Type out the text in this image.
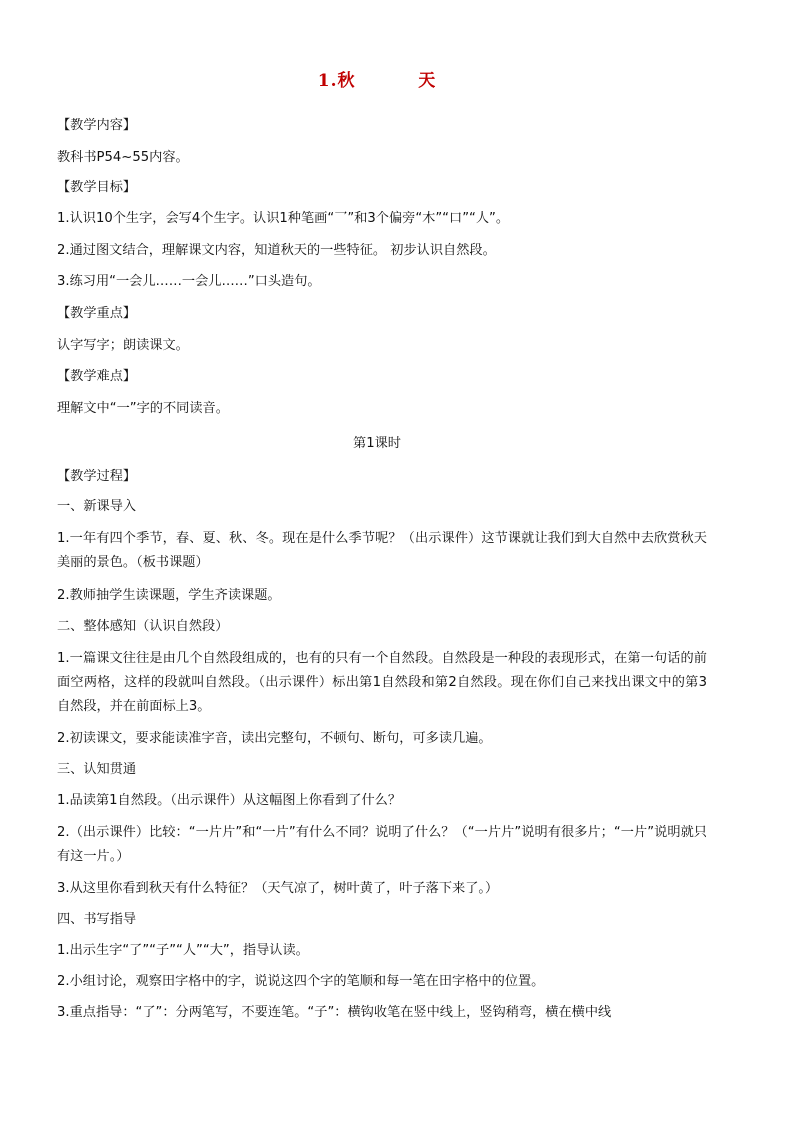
1.秋   天
【教学内容】
教科书P54~55内容。
【教学目标】
1.认识10个生字，会写4个生字。认识1种笔画“乛”和3个偏旁“木”“口”“人”。
2.通过图文结合，理解课文内容，知道秋天的一些特征。 初步认识自然段。
3.练习用“一会儿……一会儿……”口头造句。
【教学重点】
认字写字；朗读课文。
【教学难点】
理解文中“一”字的不同读音。
第1课时
【教学过程】
一、新课导入
1.一年有四个季节，春、夏、秋、冬。现在是什么季节呢？（出示课件）这节课就让我们到大自然中去欣赏秋天美丽的景色。（板书课题）
2.教师抽学生读课题，学生齐读课题。
二、整体感知（认识自然段）
1.一篇课文往往是由几个自然段组成的，也有的只有一个自然段。自然段是一种段的表现形式，在第一句话的前面空两格，这样的段就叫自然段。（出示课件）标出第1自然段和第2自然段。现在你们自己来找出课文中的第3自然段，并在前面标上3。
2.初读课文，要求能读准字音，读出完整句，不顿句、断句，可多读几遍。
三、认知贯通
1.品读第1自然段。（出示课件）从这幅图上你看到了什么？
2.（出示课件）比较：“一片片”和“一片”有什么不同？说明了什么？（“一片片”说明有很多片；“一片”说明就只有这一片。）
3.从这里你看到秋天有什么特征？（天气凉了，树叶黄了，叶子落下来了。）
四、书写指导
1.出示生字“了”“子”“人”“大”，指导认读。
2.小组讨论，观察田字格中的字，说说这四个字的笔顺和每一笔在田字格中的位置。
3.重点指导：“了”：分两笔写，不要连笔。“子”：横钩收笔在竖中线上，竖钩稍弯，横在横中线
